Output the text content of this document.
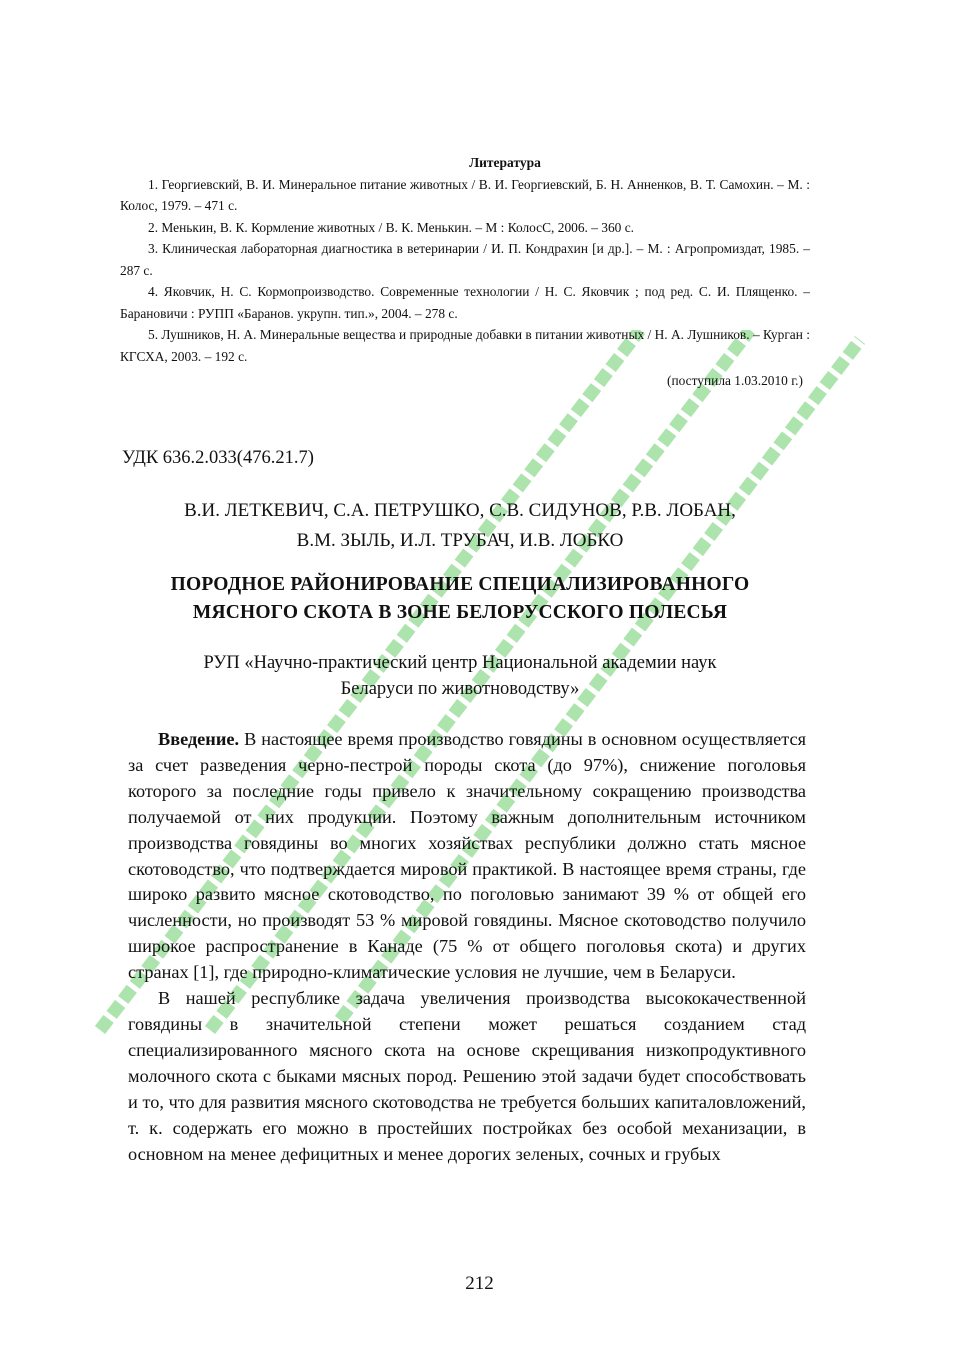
Литература

1. Георгиевский, В. И. Минеральное питание животных / В. И. Георгиевский, Б. Н. Анненков, В. Т. Самохин. – М. : Колос, 1979. – 471 с.

2. Менькин, В. К. Кормление животных / В. К. Менькин. – М : КолосС, 2006. – 360 с.

3. Клиническая лабораторная диагностика в ветеринарии / И. П. Кондрахин [и др.]. – М. : Агропромиздат, 1985. – 287 с.

4. Яковчик, Н. С. Кормопроизводство. Современные технологии / Н. С. Яковчик ; под ред. С. И. Плященко. – Барановичи : РУПП «Баранов. укрупн. тип.», 2004. – 278 с.

5. Лушников, Н. А. Минеральные вещества и природные добавки в питании животных / Н. А. Лушников. – Курган : КГСХА, 2003. – 192 с.

(поступила 1.03.2010 г.)
УДК 636.2.033(476.21.7)
В.И. ЛЕТКЕВИЧ, С.А. ПЕТРУШКО, С.В. СИДУНОВ, Р.В. ЛОБАН,
В.М. ЗЫЛЬ, И.Л. ТРУБАЧ, И.В. ЛОБКО
ПОРОДНОЕ РАЙОНИРОВАНИЕ СПЕЦИАЛИЗИРОВАННОГО
МЯСНОГО СКОТА В ЗОНЕ БЕЛОРУССКОГО ПОЛЕСЬЯ
РУП «Научно-практический центр Национальной академии наук
Беларуси по животноводству»

Введение. В настоящее время производство говядины в основном осуществляется за счет разведения черно-пестрой породы скота (до 97%), снижение поголовья которого за последние годы привело к значительному сокращению производства получаемой от них продукции. Поэтому важным дополнительным источником производства говядины во многих хозяйствах республики должно стать мясное скотоводство, что подтверждается мировой практикой. В настоящее время страны, где широко развито мясное скотоводство, по поголовью занимают 39 % от общей его численности, но производят 53 % мировой говядины. Мясное скотоводство получило широкое распространение в Канаде (75 % от общего поголовья скота) и других странах [1], где природно-климатические условия не лучшие, чем в Беларуси.

В нашей республике задача увеличения производства высококачественной говядины в значительной степени может решаться созданием стад специализированного мясного скота на основе скрещивания низкопродуктивного молочного скота с быками мясных пород. Решению этой задачи будет способствовать и то, что для развития мясного скотоводства не требуется больших капиталовложений, т. к. содержать его можно в простейших постройках без особой механизации, в основном на менее дефицитных и менее дорогих зеленых, сочных и грубых

212
